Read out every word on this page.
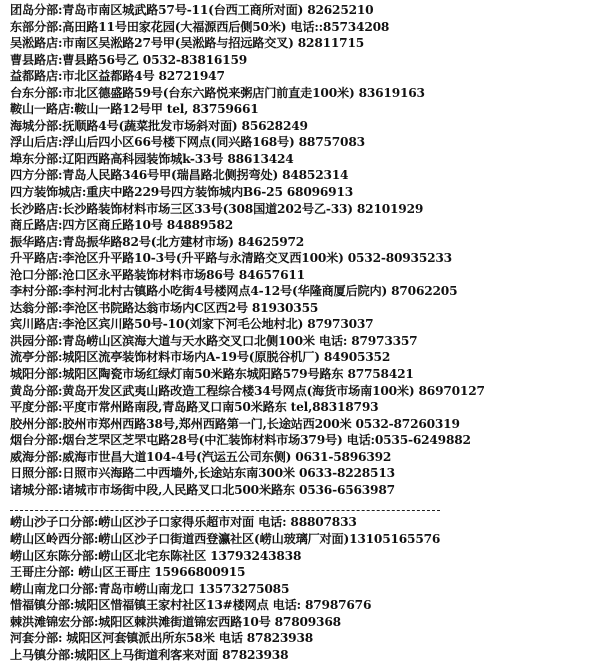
团岛分部:青岛市南区城武路57号-11(台西工商所对面) 82625210
东部分部:高田路11号田家花园(大福源西后侧50米) 电话::85734208
吴淞路店:市南区吴淞路27号甲(吴淞路与招远路交叉) 82811715
曹县路店:曹县路56号乙 0532-83816159
益都路店:市北区益都路4号 82721947
台东分部:市北区德盛路59号(台东六路悦来粥店门前直走100米) 83619163
鞍山一路店:鞍山一路12号甲 tel, 83759661
海城分部:抚顺路4号(蔬菜批发市场斜对面) 85628249
浮山后店:浮山后四小区66号楼下网点(同兴路168号) 88757083
埠东分部:辽阳西路高科园装饰城k-33号 88613424
四方分部:青岛人民路346号甲(瑞昌路北侧拐弯处) 84852314
四方装饰城店:重庆中路229号四方装饰城内B6-25 68096913
长沙路店:长沙路装饰材料市场三区33号(308国道202号乙-33) 82101929
商丘路店:四方区商丘路10号 84889582
振华路店:青岛振华路82号(北方建材市场) 84625972
升平路店:李沧区升平路10-3号(升平路与永清路交叉西100米) 0532-80935233
沧口分部:沧口区永平路装饰材料市场86号 84657611
李村分部:李村河北村古镇路小吃街4号楼网点4-12号(华隆商厦后院内) 87062205
达翁分部:李沧区书院路达翁市场内C区西2号 81930355
宾川路店:李沧区宾川路50号-10(刘家下河毛公地村北) 87973037
洪园分部:青岛崂山区滨海大道与天水路交叉口北侧100米 电话: 87973357
流亭分部:城阳区流亭装饰材料市场内A-19号(原脱谷机厂) 84905352
城阳分部:城阳区陶瓷市场红绿灯南50米路东城阳路579号路东 87758421
黄岛分部:黄岛开发区武夷山路改造工程综合楼34号网点(海货市场南100米) 86970127
平度分部:平度市常州路南段,青岛路叉口南50米路东 tel,88318793
胶州分部:胶州市郑州西路38号,郑州西路第一门,长途站西200米 0532-87260319
烟台分部:烟台芝罘区芝罘屯路28号(中汇装饰材料市场379号) 电话:0535-6249882
威海分部:威海市世昌大道104-4号(汽运五公司东侧) 0631-5896392
日照分部:日照市兴海路二中西墙外,长途站东南300米 0633-8228513
诸城分部:诸城市市场街中段,人民路叉口北500米路东 0536-6563987
崂山沙子口分部:崂山区沙子口家得乐超市对面 电话: 88807833
崂山区岭西分部:崂山区沙子口街道西登瀛社区(崂山玻璃厂对面)13105165576
崂山区东陈分部:崂山区北宅东陈社区 13793243838
王哥庄分部: 崂山区王哥庄 15966800915
崂山南龙口分部:青岛市崂山南龙口 13573275085
惜福镇分部:城阳区惜福镇王家村社区13#楼网点 电话: 87987676
棘洪滩锦宏分部:城阳区棘洪滩街道锦宏西路10号 87809368
河套分部: 城阳区河套镇派出所东58米 电话 87823938
上马镇分部:城阳区上马街道利客来对面 87823938
